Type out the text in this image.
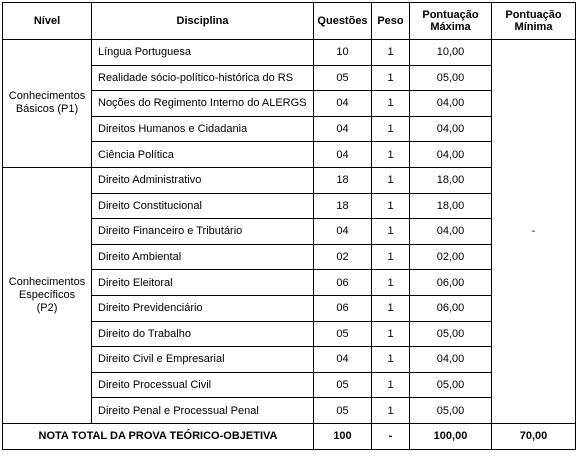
Nível	Disciplina	Questões	Peso	Pontuação Máxima	Pontuação Mínima
Conhecimentos
Básicos (P1)	Língua Portuguesa	10	1	10,00	-
	Realidade sócio-político-histórica do RS	05	1	05,00	
	Noções do Regimento Interno do ALERGS	04	1	04,00	
	Direitos Humanos e Cidadania	04	1	04,00	
	Ciência Política	04	1	04,00	
Conhecimentos
Específicos
(P2)	Direito Administrativo	18	1	18,00	
	Direito Constitucional	18	1	18,00	
	Direito Financeiro e Tributário	04	1	04,00	
	Direito Ambiental	02	1	02,00	
	Direito Eleitoral	06	1	06,00	
	Direito Previdenciário	06	1	06,00	
	Direito do Trabalho	05	1	05,00	
	Direito Civil e Empresarial	04	1	04,00	
	Direito Processual Civil	05	1	05,00	
	Direito Penal e Processual Penal	05	1	05,00	
NOTA TOTAL DA PROVA TEÓRICO-OBJETIVA		100	-	100,00	70,00
